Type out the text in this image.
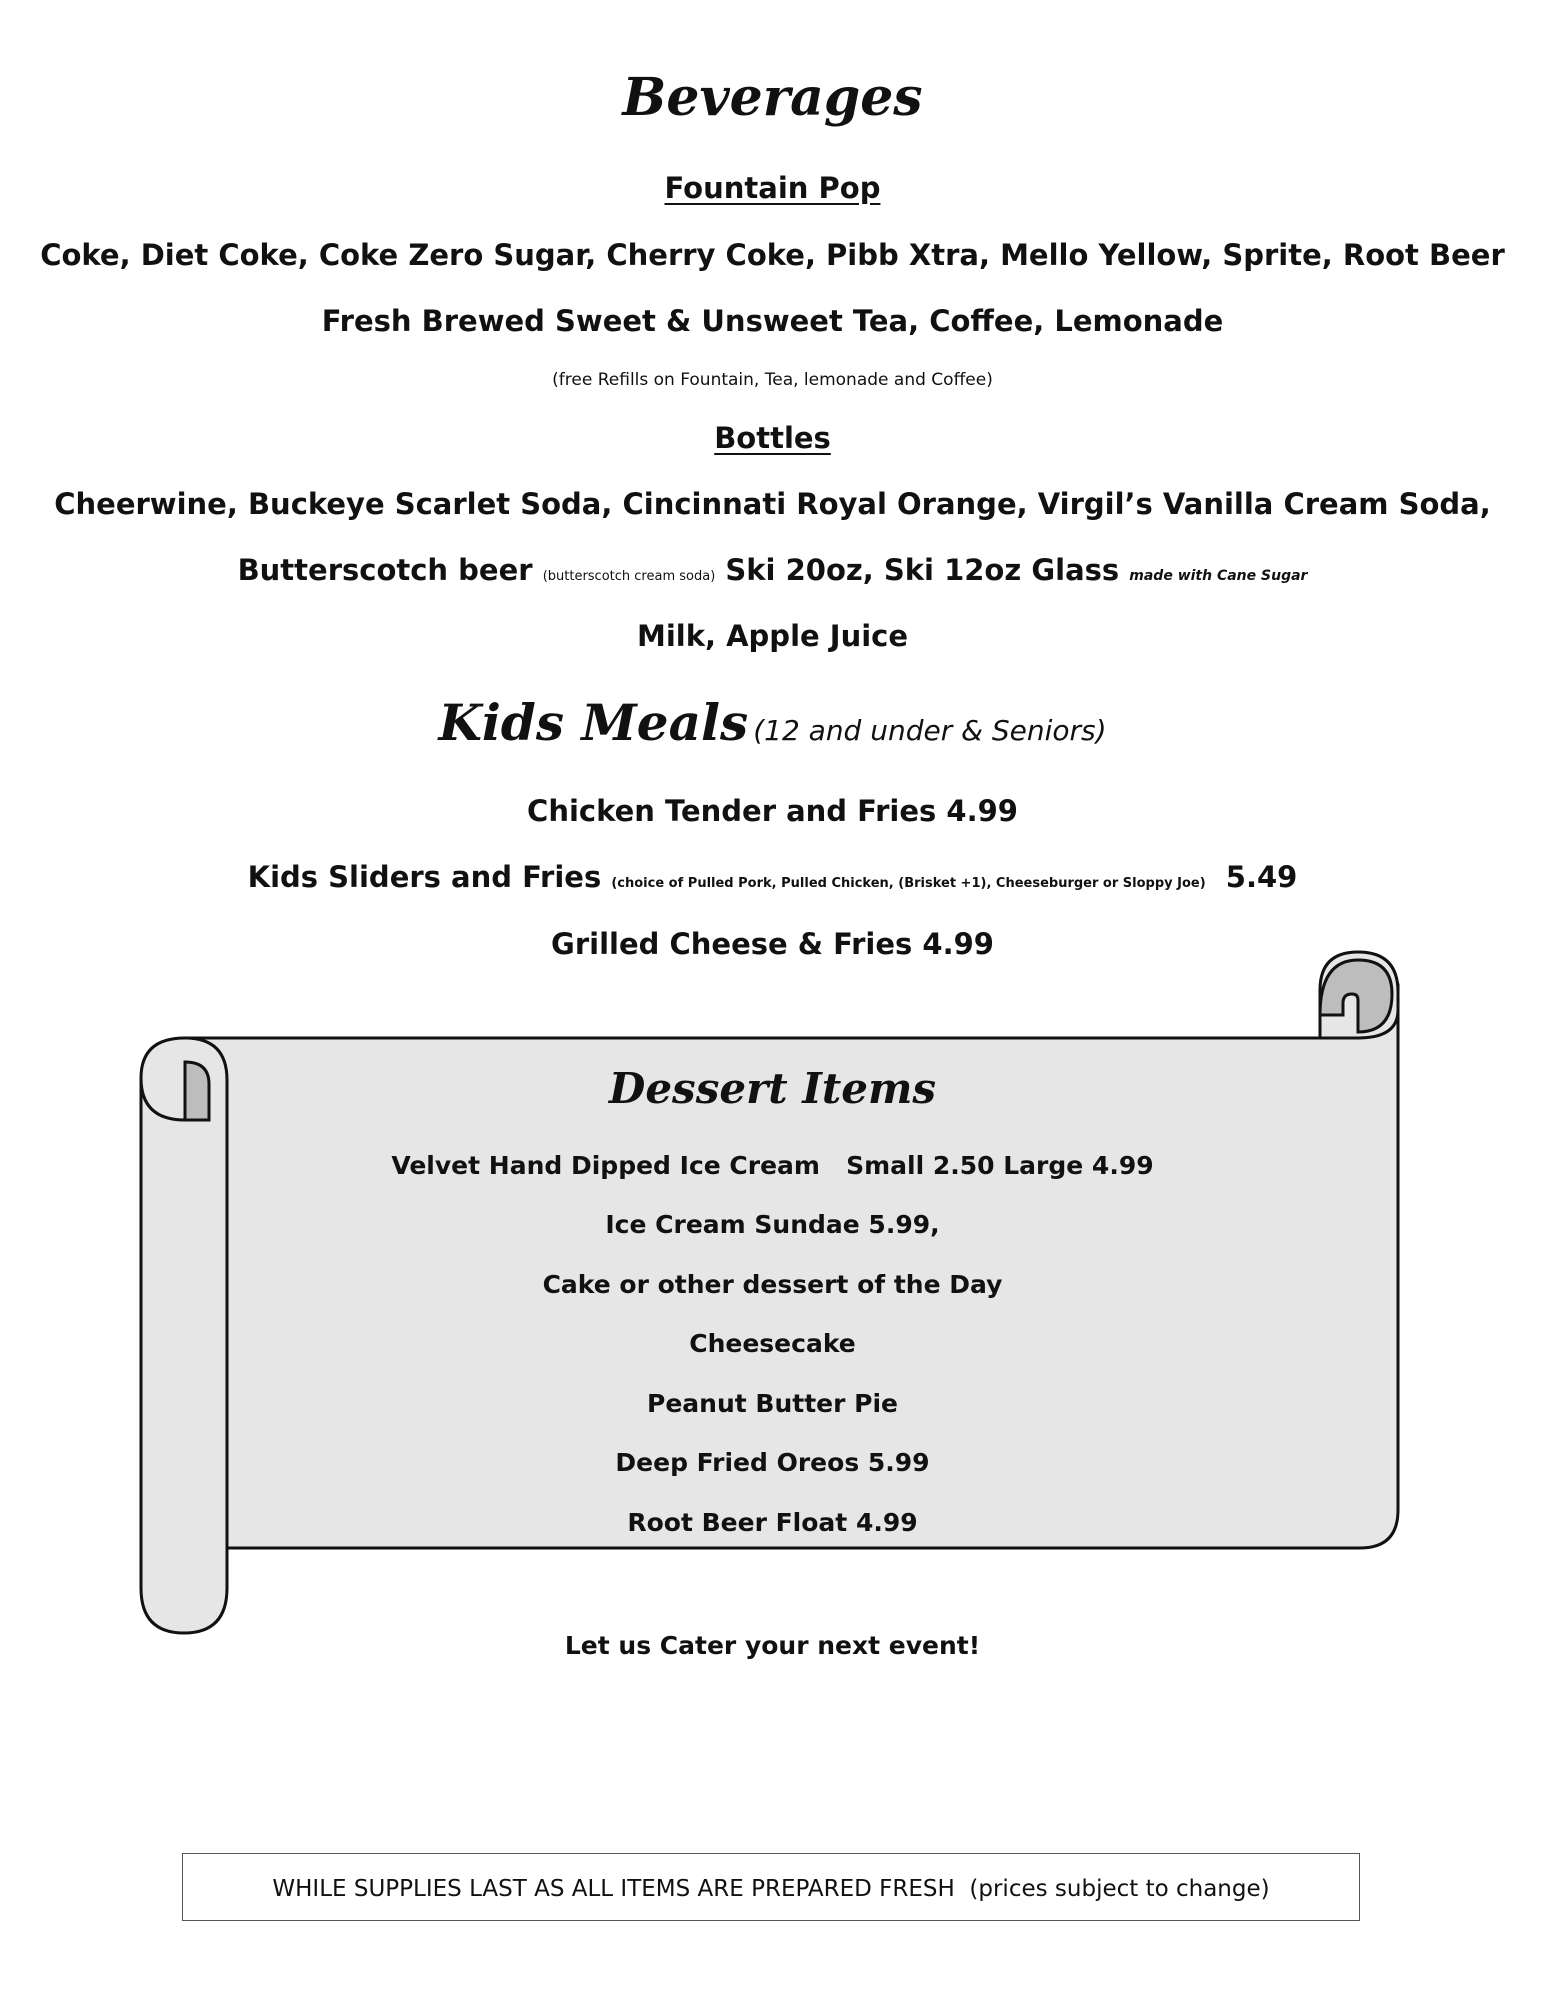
Beverages
Fountain Pop
Coke, Diet Coke, Coke Zero Sugar, Cherry Coke, Pibb Xtra, Mello Yellow, Sprite, Root Beer
Fresh Brewed Sweet & Unsweet Tea, Coffee, Lemonade
(free Refills on Fountain, Tea, lemonade and Coffee)
Bottles
Cheerwine, Buckeye Scarlet Soda, Cincinnati Royal Orange, Virgil’s Vanilla Cream Soda,
Butterscotch beer (butterscotch cream soda) Ski 20oz, Ski 12oz Glass made with Cane Sugar
Milk, Apple Juice
Kids Meals (12 and under & Seniors)
Chicken Tender and Fries 4.99
Kids Sliders and Fries (choice of Pulled Pork, Pulled Chicken, (Brisket +1), Cheeseburger or Sloppy Joe) 5.49
Grilled Cheese & Fries 4.99
Dessert Items
Velvet Hand Dipped Ice Cream   Small 2.50 Large 4.99
Ice Cream Sundae 5.99,
Cake or other dessert of the Day
Cheesecake
Peanut Butter Pie
Deep Fried Oreos 5.99
Root Beer Float 4.99
Let us Cater your next event!
WHILE SUPPLIES LAST AS ALL ITEMS ARE PREPARED FRESH  (prices subject to change)
